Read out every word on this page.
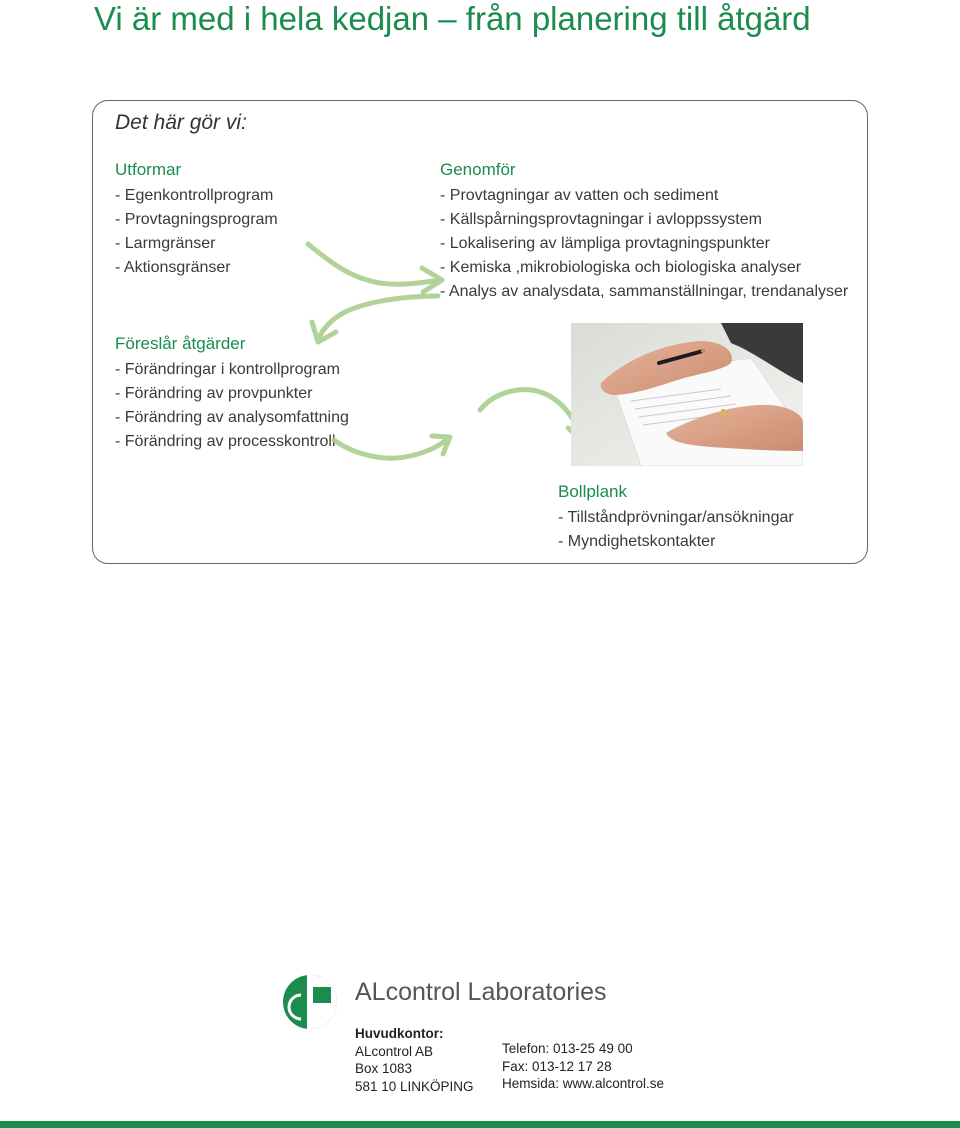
Vi är med i hela kedjan – från planering till åtgärd
Det här gör vi:
Utformar
- Egenkontrollprogram
- Provtagningsprogram
- Larmgränser
- Aktionsgränser
Genomför
- Provtagningar av vatten och sediment
- Källspårningsprovtagningar i avloppssystem
- Lokalisering av lämpliga provtagningspunkter
- Kemiska ,mikrobiologiska och biologiska analyser
- Analys av analysdata, sammanställningar, trendanalyser
Föreslår åtgärder
- Förändringar i kontrollprogram
- Förändring av provpunkter
- Förändring av analysomfattning
- Förändring av processkontroll
Bollplank
- Tillståndprövningar/ansökningar
- Myndighetskontakter
ALcontrol Laboratories
Huvudkontor:
ALcontrol AB
Box 1083
581 10 LINKÖPING
Telefon: 013-25 49 00
Fax: 013-12 17 28
Hemsida: www.alcontrol.se
